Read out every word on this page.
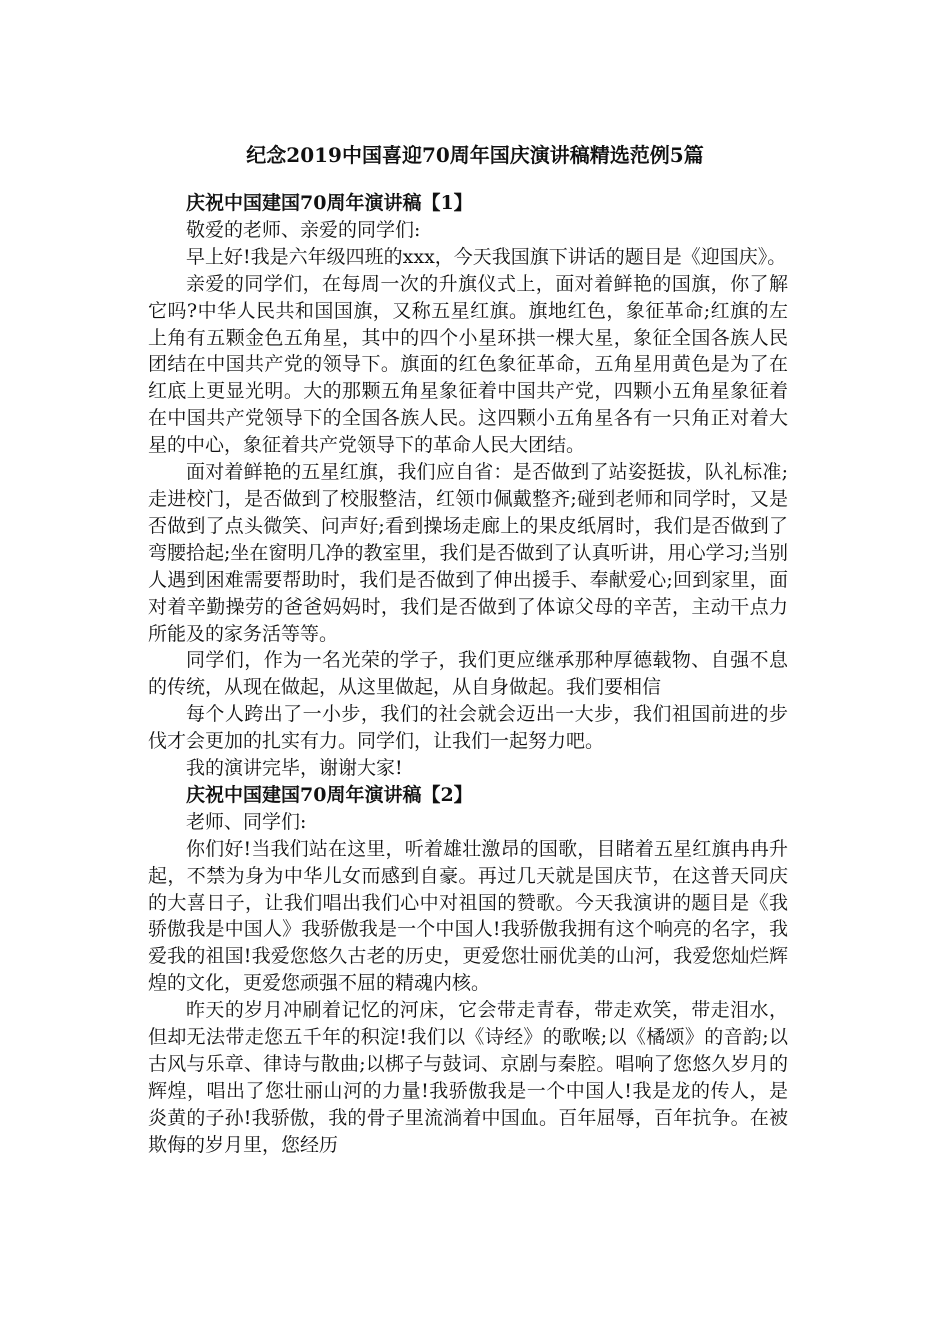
纪念2019中国喜迎70周年国庆演讲稿精选范例5篇
庆祝中国建国70周年演讲稿【1】

敬爱的老师、亲爱的同学们:

早上好!我是六年级四班的xxx，今天我国旗下讲话的题目是《迎国庆》。

亲爱的同学们，在每周一次的升旗仪式上，面对着鲜艳的国旗，你了解它吗?中华人民共和国国旗，又称五星红旗。旗地红色，象征革命;红旗的左上角有五颗金色五角星，其中的四个小星环拱一棵大星，象征全国各族人民团结在中国共产党的领导下。旗面的红色象征革命，五角星用黄色是为了在红底上更显光明。大的那颗五角星象征着中国共产党，四颗小五角星象征着在中国共产党领导下的全国各族人民。这四颗小五角星各有一只角正对着大星的中心，象征着共产党领导下的革命人民大团结。

面对着鲜艳的五星红旗，我们应自省：是否做到了站姿挺拔，队礼标准;走进校门，是否做到了校服整洁，红领巾佩戴整齐;碰到老师和同学时，又是否做到了点头微笑、问声好;看到操场走廊上的果皮纸屑时，我们是否做到了弯腰拾起;坐在窗明几净的教室里，我们是否做到了认真听讲，用心学习;当别人遇到困难需要帮助时，我们是否做到了伸出援手、奉献爱心;回到家里，面对着辛勤操劳的爸爸妈妈时，我们是否做到了体谅父母的辛苦，主动干点力所能及的家务活等等。

同学们，作为一名光荣的学子，我们更应继承那种厚德载物、自强不息的传统，从现在做起，从这里做起，从自身做起。我们要相信

每个人跨出了一小步，我们的社会就会迈出一大步，我们祖国前进的步伐才会更加的扎实有力。同学们，让我们一起努力吧。

我的演讲完毕，谢谢大家!

庆祝中国建国70周年演讲稿【2】

老师、同学们:

你们好!当我们站在这里，听着雄壮激昂的国歌，目睹着五星红旗冉冉升起，不禁为身为中华儿女而感到自豪。再过几天就是国庆节，在这普天同庆的大喜日子，让我们唱出我们心中对祖国的赞歌。今天我演讲的题目是《我骄傲我是中国人》我骄傲我是一个中国人!我骄傲我拥有这个响亮的名字，我爱我的祖国!我爱您悠久古老的历史，更爱您壮丽优美的山河，我爱您灿烂辉煌的文化，更爱您顽强不屈的精魂内核。

昨天的岁月冲刷着记忆的河床，它会带走青春，带走欢笑，带走泪水，但却无法带走您五千年的积淀!我们以《诗经》的歌喉;以《橘颂》的音韵;以古风与乐章、律诗与散曲;以梆子与鼓词、京剧与秦腔。唱响了您悠久岁月的辉煌，唱出了您壮丽山河的力量!我骄傲我是一个中国人!我是龙的传人，是炎黄的子孙!我骄傲，我的骨子里流淌着中国血。百年屈辱，百年抗争。在被欺侮的岁月里，您经历
